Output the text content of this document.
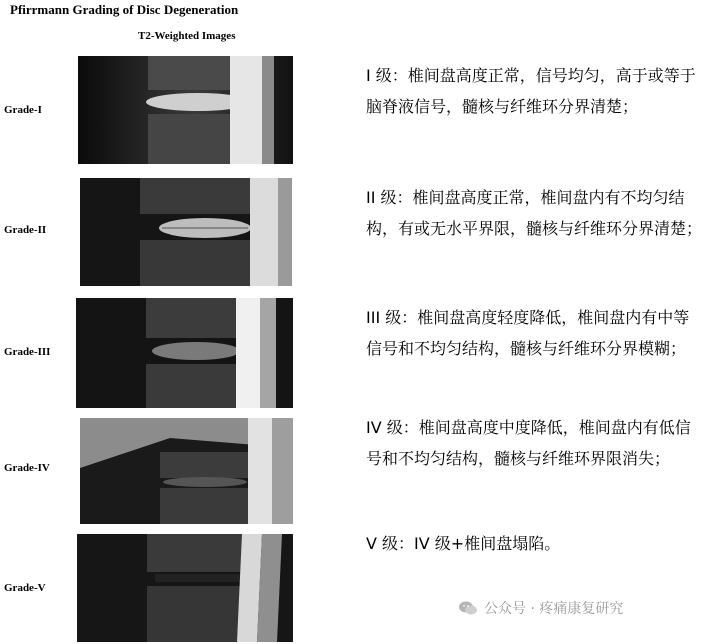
Pfirrmann Grading of Disc Degeneration
T2-Weighted Images
Grade-I
I 级：椎间盘高度正常，信号均匀，高于或等于脑脊液信号，髓核与纤维环分界清楚；
Grade-II
II 级：椎间盘高度正常，椎间盘内有不均匀结构，有或无水平界限，髓核与纤维环分界清楚；
Grade-III
III 级：椎间盘高度轻度降低，椎间盘内有中等信号和不均匀结构，髓核与纤维环分界模糊；
Grade-IV
IV 级：椎间盘高度中度降低，椎间盘内有低信号和不均匀结构，髓核与纤维环界限消失；
Grade-V
V 级：IV 级+椎间盘塌陷。
公众号 · 疼痛康复研究
